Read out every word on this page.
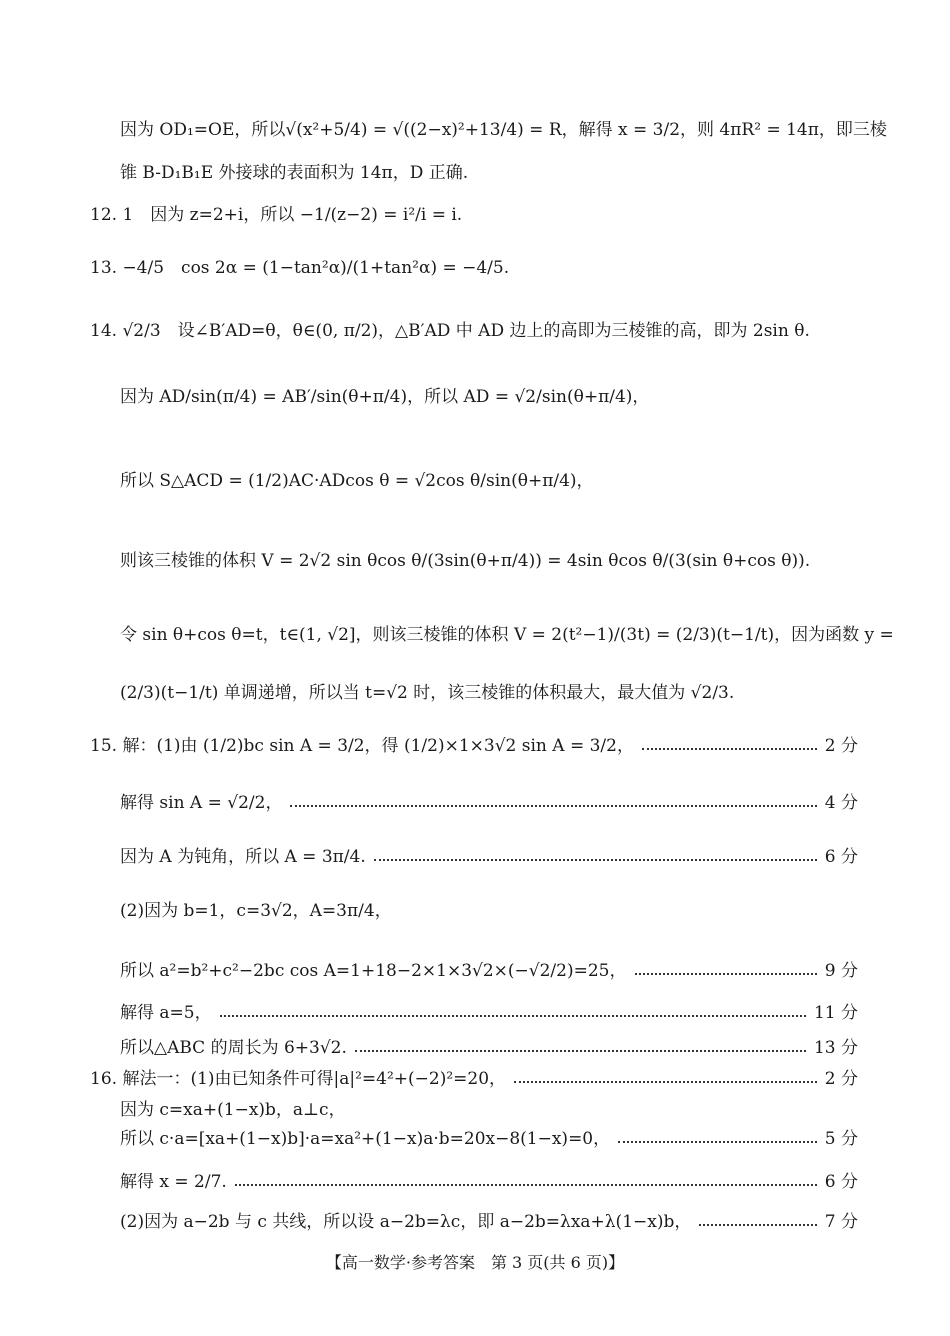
因为 OD₁=OE，所以√(x²+5/4) = √((2−x)²+13/4) = R，解得 x = 3/2，则 4πR² = 14π，即三棱
锥 B-D₁B₁E 外接球的表面积为 14π，D 正确.
12. 1　因为 z=2+i，所以 −1/(z−2) = i²/i = i.
13. −4/5　cos 2α = (1−tan²α)/(1+tan²α) = −4/5.
14. √2/3　设∠B′AD=θ，θ∈(0, π/2)，△B′AD 中 AD 边上的高即为三棱锥的高，即为 2sin θ.
因为 AD/sin(π/4) = AB′/sin(θ+π/4)，所以 AD = √2/sin(θ+π/4)，
所以 S△ACD = (1/2)AC·ADcos θ = √2cos θ/sin(θ+π/4)，
则该三棱锥的体积 V = 2√2 sin θcos θ/(3sin(θ+π/4)) = 4sin θcos θ/(3(sin θ+cos θ)).
令 sin θ+cos θ=t，t∈(1, √2]，则该三棱锥的体积 V = 2(t²−1)/(3t) = (2/3)(t−1/t)，因为函数 y =
(2/3)(t−1/t) 单调递增，所以当 t=√2 时，该三棱锥的体积最大，最大值为 √2/3.
15. 解：(1)由 (1/2)bc sin A = 3/2，得 (1/2)×1×3√2 sin A = 3/2，	2 分
解得 sin A = √2/2，	4 分
因为 A 为钝角，所以 A = 3π/4.	6 分
(2)因为 b=1，c=3√2，A=3π/4，
所以 a²=b²+c²−2bc cos A=1+18−2×1×3√2×(−√2/2)=25，	9 分
解得 a=5，	11 分
所以△ABC 的周长为 6+3√2.	13 分
16. 解法一：(1)由已知条件可得|a|²=4²+(−2)²=20，	2 分
因为 c=xa+(1−x)b，a⊥c，
所以 c·a=[xa+(1−x)b]·a=xa²+(1−x)a·b=20x−8(1−x)=0，	5 分
解得 x = 2/7.	6 分
(2)因为 a−2b 与 c 共线，所以设 a−2b=λc，即 a−2b=λxa+λ(1−x)b，	7 分
【高一数学·参考答案　第 3 页(共 6 页)】
